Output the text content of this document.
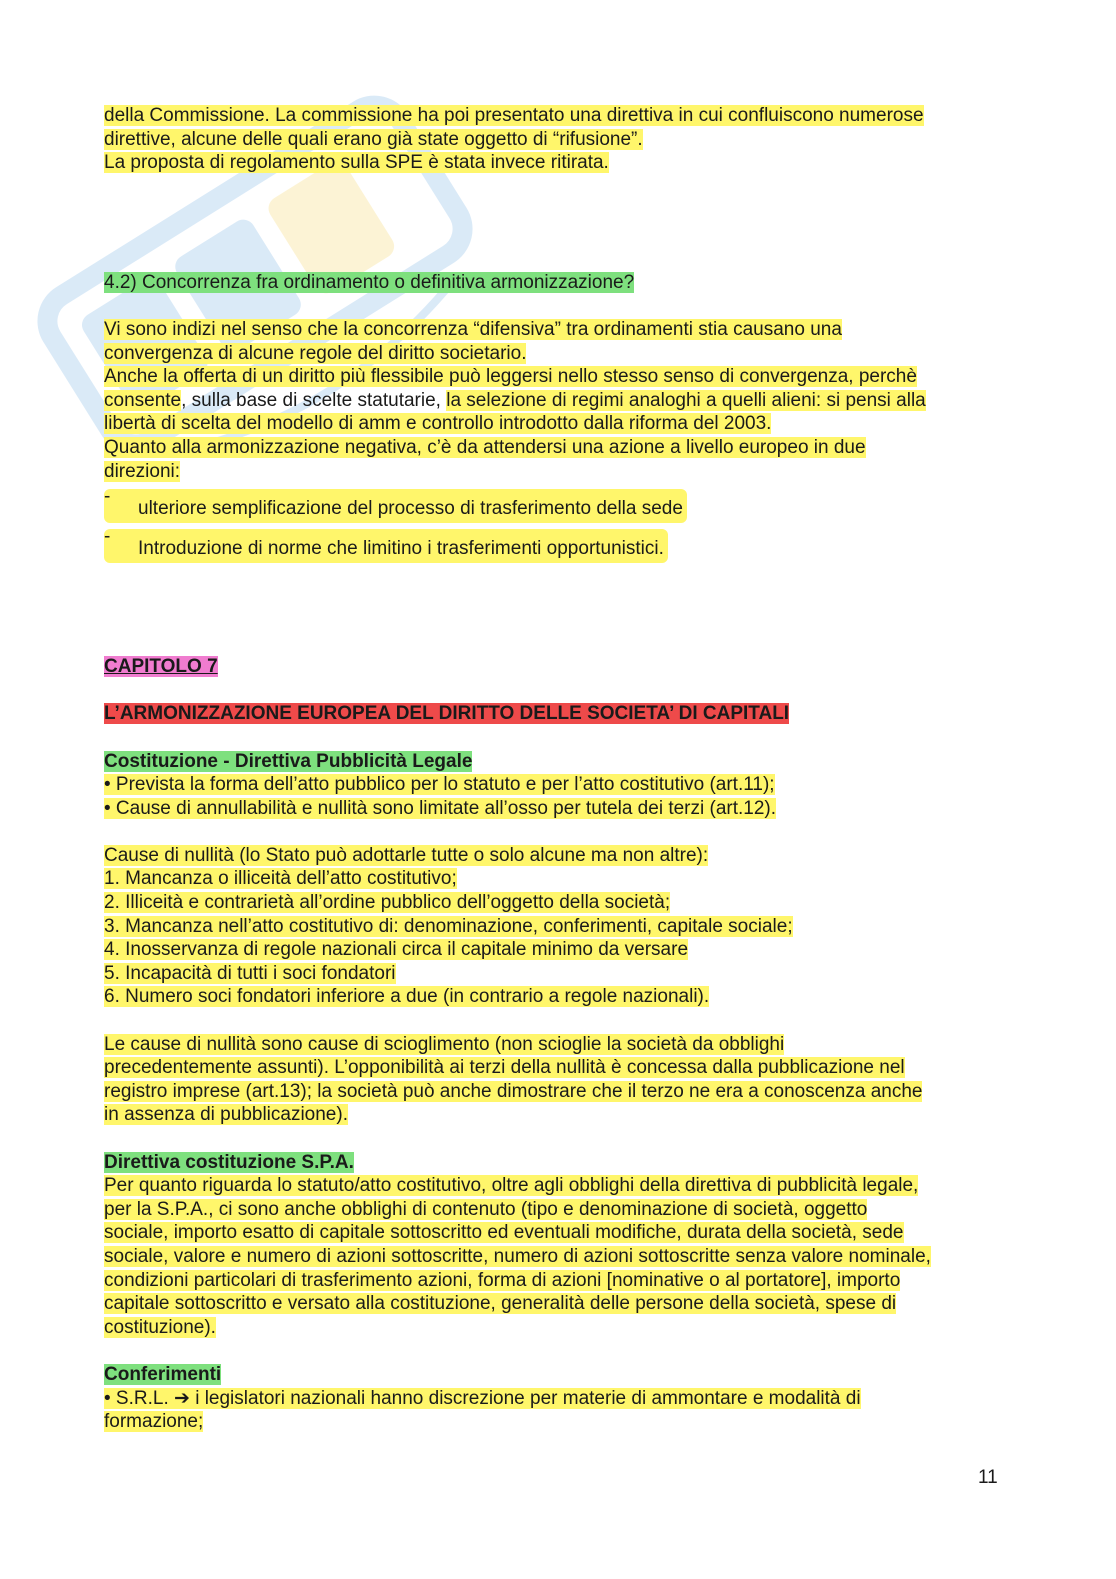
della Commissione. La commissione ha poi presentato una direttiva in cui confluiscono numerose
direttive, alcune delle quali erano già state oggetto di “rifusione”.
La proposta di regolamento sulla SPE è stata invece ritirata.
4.2) Concorrenza fra ordinamento o definitiva armonizzazione?
Vi sono indizi nel senso che la concorrenza “difensiva” tra ordinamenti stia causano una
convergenza di alcune regole del diritto societario.
Anche la offerta di un diritto più flessibile può leggersi nello stesso senso di convergenza, perchè
consente, sulla base di scelte statutarie, la selezione di regimi analoghi a quelli alieni: si pensi alla
libertà di scelta del modello di amm e controllo introdotto dalla riforma del 2003.
Quanto alla armonizzazione negativa, c’è da attendersi una azione a livello europeo in due
direzioni:
-
ulteriore semplificazione del processo di trasferimento della sede
-
Introduzione di norme che limitino i trasferimenti opportunistici.
CAPITOLO 7
L’ARMONIZZAZIONE EUROPEA DEL DIRITTO DELLE SOCIETA’ DI CAPITALI
Costituzione - Direttiva Pubblicità Legale
• Prevista la forma dell’atto pubblico per lo statuto e per l’atto costitutivo (art.11);
• Cause di annullabilità e nullità sono limitate all’osso per tutela dei terzi (art.12).
Cause di nullità (lo Stato può adottarle tutte o solo alcune ma non altre):
1. Mancanza o illiceità dell’atto costitutivo;
2. Illiceità e contrarietà all’ordine pubblico dell’oggetto della società;
3. Mancanza nell’atto costitutivo di: denominazione, conferimenti, capitale sociale;
4. Inosservanza di regole nazionali circa il capitale minimo da versare
5. Incapacità di tutti i soci fondatori
6. Numero soci fondatori inferiore a due (in contrario a regole nazionali).
Le cause di nullità sono cause di scioglimento (non scioglie la società da obblighi
precedentemente assunti). L’opponibilità ai terzi della nullità è concessa dalla pubblicazione nel
registro imprese (art.13); la società può anche dimostrare che il terzo ne era a conoscenza anche
in assenza di pubblicazione).
Direttiva costituzione S.P.A.
Per quanto riguarda lo statuto/atto costitutivo, oltre agli obblighi della direttiva di pubblicità legale,
per la S.P.A., ci sono anche obblighi di contenuto (tipo e denominazione di società, oggetto
sociale, importo esatto di capitale sottoscritto ed eventuali modifiche, durata della società, sede
sociale, valore e numero di azioni sottoscritte, numero di azioni sottoscritte senza valore nominale,
condizioni particolari di trasferimento azioni, forma di azioni [nominative o al portatore], importo
capitale sottoscritto e versato alla costituzione, generalità delle persone della società, spese di
costituzione).
Conferimenti
• S.R.L. ➔ i legislatori nazionali hanno discrezione per materie di ammontare e modalità di
formazione;
11
